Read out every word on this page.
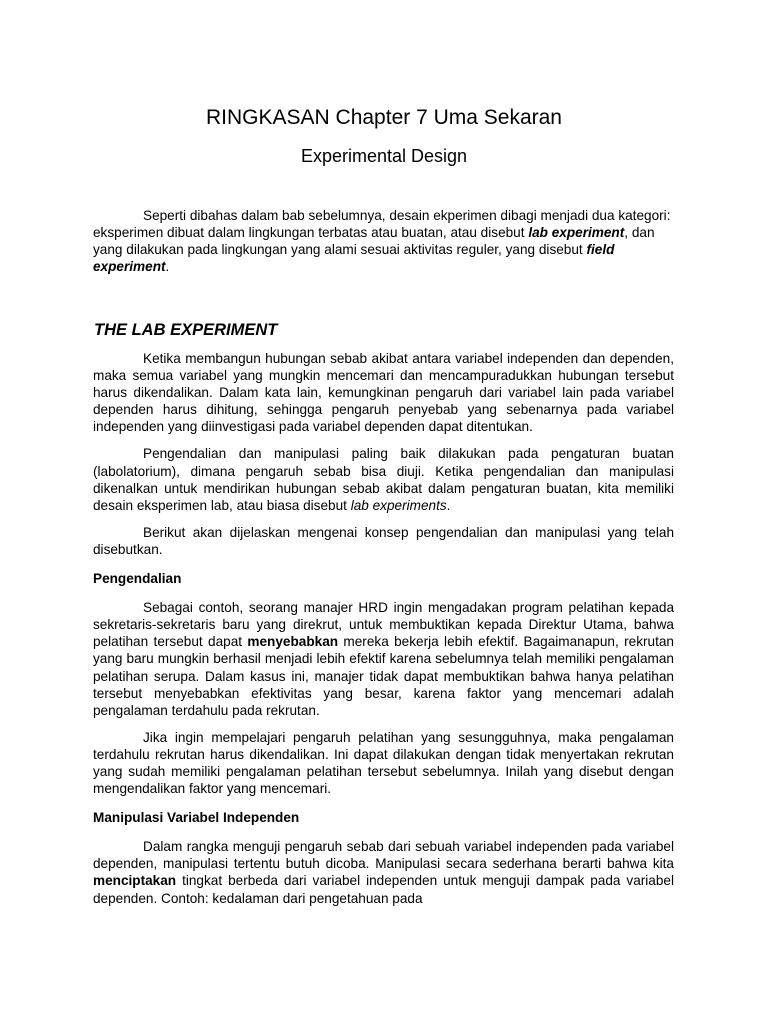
RINGKASAN Chapter 7 Uma Sekaran
Experimental Design

Seperti dibahas dalam bab sebelumnya, desain ekperimen dibagi menjadi dua kategori: eksperimen dibuat dalam lingkungan terbatas atau buatan, atau disebut lab experiment, dan yang dilakukan pada lingkungan yang alami sesuai aktivitas reguler, yang disebut field experiment.

THE LAB EXPERIMENT

Ketika membangun hubungan sebab akibat antara variabel independen dan dependen, maka semua variabel yang mungkin mencemari dan mencampuradukkan hubungan tersebut harus dikendalikan. Dalam kata lain, kemungkinan pengaruh dari variabel lain pada variabel dependen harus dihitung, sehingga pengaruh penyebab yang sebenarnya pada variabel independen yang diinvestigasi pada variabel dependen dapat ditentukan.

Pengendalian dan manipulasi paling baik dilakukan pada pengaturan buatan (labolatorium), dimana pengaruh sebab bisa diuji. Ketika pengendalian dan manipulasi dikenalkan untuk mendirikan hubungan sebab akibat dalam pengaturan buatan, kita memiliki desain eksperimen lab, atau biasa disebut lab experiments.

Berikut akan dijelaskan mengenai konsep pengendalian dan manipulasi yang telah disebutkan.

Pengendalian

Sebagai contoh, seorang manajer HRD ingin mengadakan program pelatihan kepada sekretaris-sekretaris baru yang direkrut, untuk membuktikan kepada Direktur Utama, bahwa pelatihan tersebut dapat menyebabkan mereka bekerja lebih efektif. Bagaimanapun, rekrutan yang baru mungkin berhasil menjadi lebih efektif karena sebelumnya telah memiliki pengalaman pelatihan serupa. Dalam kasus ini, manajer tidak dapat membuktikan bahwa hanya pelatihan tersebut menyebabkan efektivitas yang besar, karena faktor yang mencemari adalah pengalaman terdahulu pada rekrutan.

Jika ingin mempelajari pengaruh pelatihan yang sesungguhnya, maka pengalaman terdahulu rekrutan harus dikendalikan. Ini dapat dilakukan dengan tidak menyertakan rekrutan yang sudah memiliki pengalaman pelatihan tersebut sebelumnya. Inilah yang disebut dengan mengendalikan faktor yang mencemari.

Manipulasi Variabel Independen

Dalam rangka menguji pengaruh sebab dari sebuah variabel independen pada variabel dependen, manipulasi tertentu butuh dicoba. Manipulasi secara sederhana berarti bahwa kita menciptakan tingkat berbeda dari variabel independen untuk menguji dampak pada variabel dependen. Contoh: kedalaman dari pengetahuan pada
